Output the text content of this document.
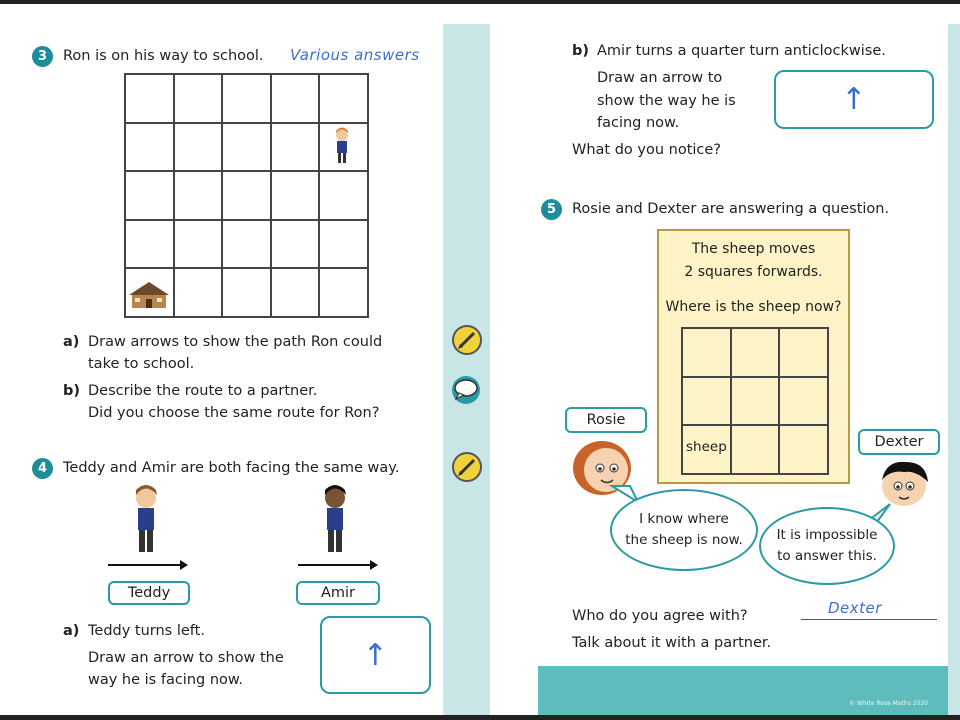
© White Rose Maths 2020
3	Ron is on his way to school. Various answers
a) Draw arrows to show the path Ron could
take to school.
b) Describe the route to a partner.
Did you choose the same route for Ron?
4	Teddy and Amir are both facing the same way.
Teddy	Amir
a) Teddy turns left.
Draw an arrow to show the
way he is facing now.
↑
b) Amir turns a quarter turn anticlockwise.
Draw an arrow to
show the way he is
facing now.
↑
What do you notice?
5	Rosie and Dexter are answering a question.
The sheep moves
2 squares forwards.
Where is the sheep now?
sheep
Rosie
Dexter
I know where
the sheep is now.	It is impossible
to answer this.
Who do you agree with?	Dexter
Talk about it with a partner.
